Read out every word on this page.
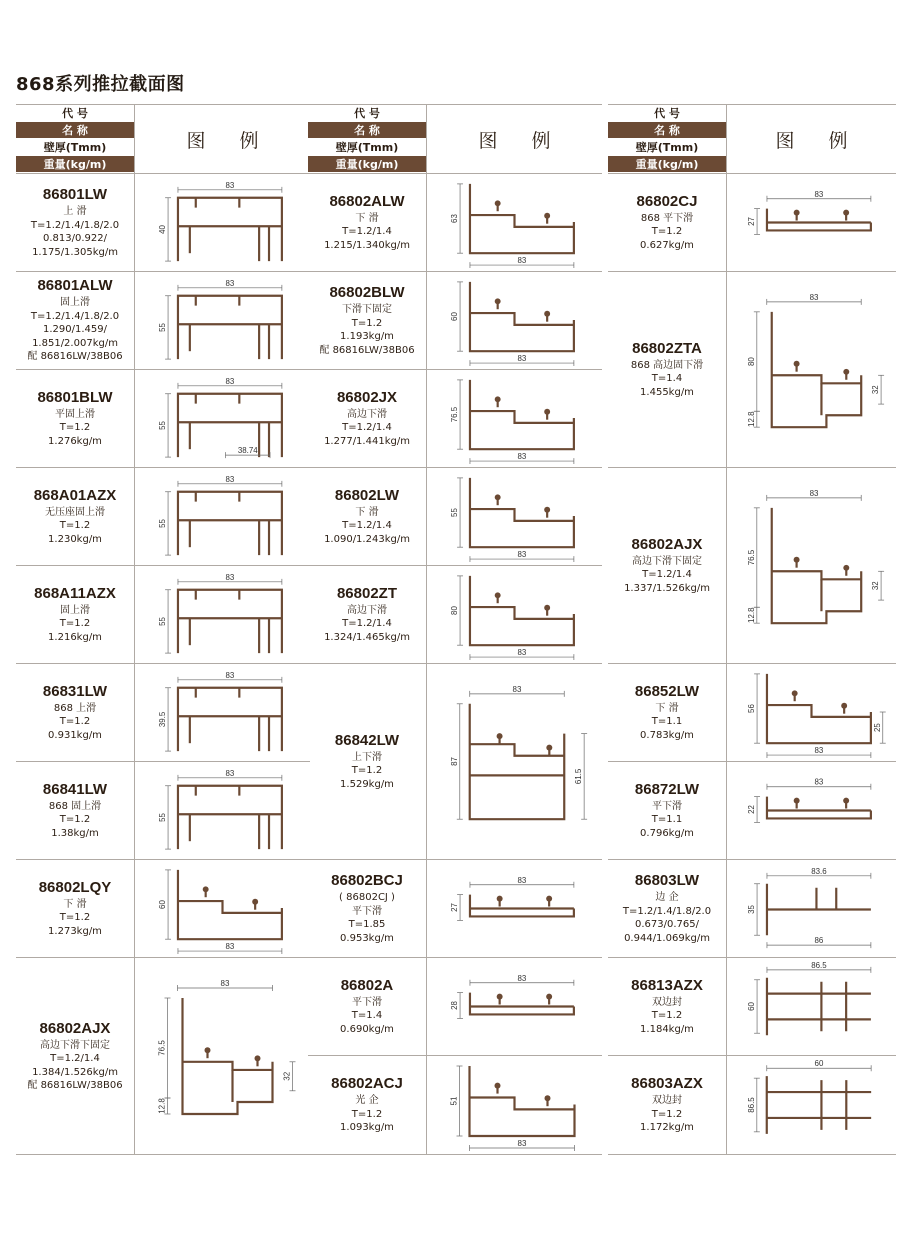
868系列推拉截面图
代 号
名 称
壁厚(Tmm)
重量(kg/m)
图 例
86801LW
上 滑
T=1.2/1.4/1.8/2.0
0.813/0.922/
1.175/1.305kg/m
83
40
86801ALW
固上滑
T=1.2/1.4/1.8/2.0
1.290/1.459/
1.851/2.007kg/m
配 86816LW/38B06
83
55
86801BLW
平固上滑
T=1.2
1.276kg/m
83
55
38.74
868A01AZX
无压座固上滑
T=1.2
1.230kg/m
83
55
868A11AZX
固上滑
T=1.2
1.216kg/m
83
55
86831LW
868 上滑
T=1.2
0.931kg/m
83
39.5
86841LW
868 固上滑
T=1.2
1.38kg/m
83
55
86802LQY
下 滑
T=1.2
1.273kg/m
60
83
86802AJX
高边下滑下固定
T=1.2/1.4
1.384/1.526kg/m
配 86816LW/38B06
83
76.5
12.8
32
代 号
名 称
壁厚(Tmm)
重量(kg/m)
图 例
86802ALW
下 滑
T=1.2/1.4
1.215/1.340kg/m
63
83
86802BLW
下滑下固定
T=1.2
1.193kg/m
配 86816LW/38B06
60
83
86802JX
高边下滑
T=1.2/1.4
1.277/1.441kg/m
76.5
83
86802LW
下 滑
T=1.2/1.4
1.090/1.243kg/m
55
83
86802ZT
高边下滑
T=1.2/1.4
1.324/1.465kg/m
80
83
86842LW
上下滑
T=1.2
1.529kg/m
83
87
61.5
86802BCJ
( 86802CJ )
平下滑
T=1.85
0.953kg/m
83
27
86802A
平下滑
T=1.4
0.690kg/m
83
28
86802ACJ
光 企
T=1.2
1.093kg/m
51
83
代 号
名 称
壁厚(Tmm)
重量(kg/m)
图 例
86802CJ
868 平下滑
T=1.2
0.627kg/m
83
27
86802ZTA
868 高边固下滑
T=1.4
1.455kg/m
83
80
12.8
32
86802AJX
高边下滑下固定
T=1.2/1.4
1.337/1.526kg/m
83
76.5
12.8
32
86852LW
下 滑
T=1.1
0.783kg/m
56
83
25
86872LW
平下滑
T=1.1
0.796kg/m
83
22
86803LW
边 企
T=1.2/1.4/1.8/2.0
0.673/0.765/
0.944/1.069kg/m
83.6
35
86
86813AZX
双边封
T=1.2
1.184kg/m
86.5
60
86803AZX
双边封
T=1.2
1.172kg/m
60
86.5
